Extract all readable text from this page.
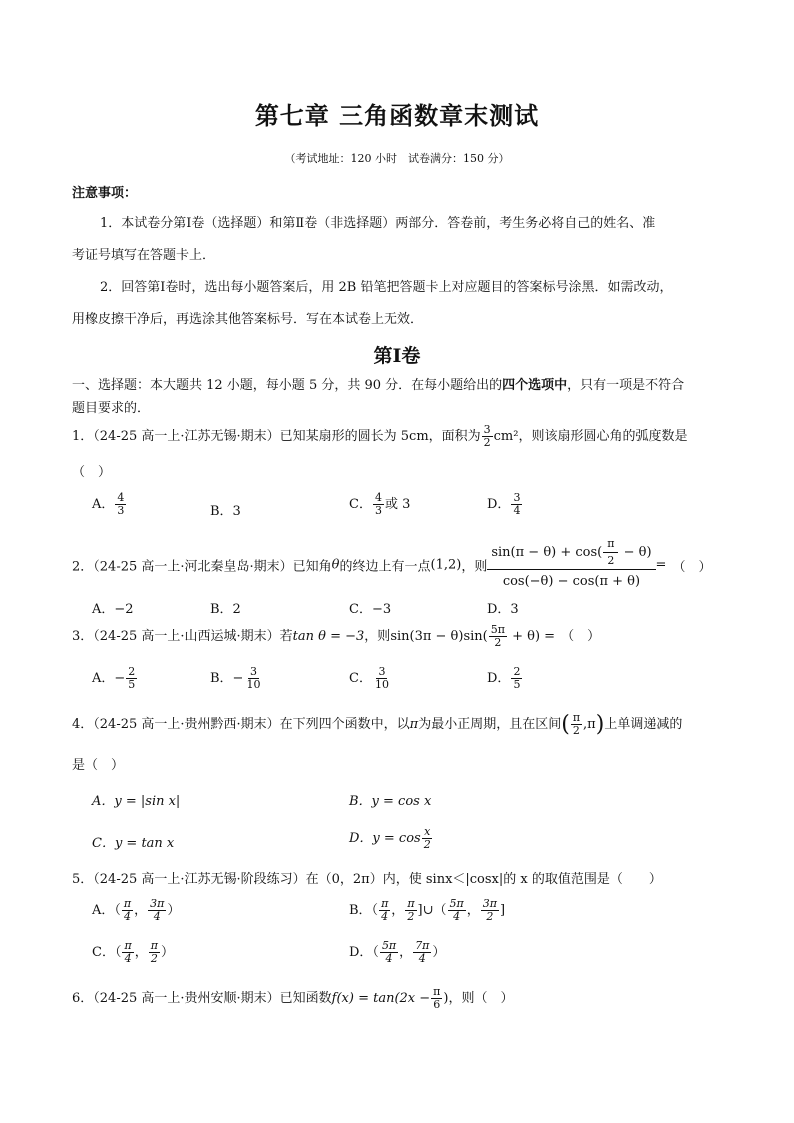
第七章 三角函数章末测试
（考试地址：120 小时　试卷满分：150 分）
注意事项：
1．本试卷分第Ⅰ卷（选择题）和第Ⅱ卷（非选择题）两部分．答卷前，考生务必将自己的姓名、准
考证号填写在答题卡上．
2．回答第Ⅰ卷时，选出每小题答案后，用 2B 铅笔把答题卡上对应题目的答案标号涂黑．如需改动，
用橡皮擦干净后，再选涂其他答案标号．写在本试卷上无效．
第Ⅰ卷
一、选择题：本大题共 12 小题，每小题 5 分，共 90 分．在每小题给出的四个选项中，只有一项是不符合
题目要求的．
1．（24-25 高一上·江苏无锡·期末）已知某扇形的圆长为 5cm，面积为 $\frac{3}{2} cm^2$，则该扇形圆心角的弧度数是
（　）
A． $\frac{4}{3}$	B．3	C． $\frac{4}{3}$ 或 3	D． $\frac{3}{4}$
2．（24-25 高一上·河北秦皇岛·期末）已知角θ的终边上有一点(1,2)，则 $\frac{\sin(\pi - \theta) + \cos( \frac{\pi}{2} - \theta)}{\cos(-\theta) - \cos(\pi + \theta)}$ = （　）
A．−2	B．2	C．−3	D．3
3．（24-25 高一上·山西运城·期末）若tan θ = −3，则$\sin(3\pi - \theta)\sin( \frac{5\pi}{2} + \theta)$ = （　）
A．− $\frac{2}{5}$	B．− $\frac{3}{10}$	C． $\frac{3}{10}$	D． $\frac{2}{5}$
4．（24-25 高一上·贵州黔西·期末）在下列四个函数中，以π为最小正周期，且在区间( $\frac{\pi}{2} ,\pi$)上单调递减的
是（　）
A．y = |sin x|	B．y = cos x
C．y = tan x	D．$y = \cos \frac{x}{2}$
5．（24-25 高一上·江苏无锡·阶段练习）在（0，2π）内，使 sinx＜|cosx|的 x 的取值范围是（　　）
A．（ $\frac{\pi}{4}$ ， $\frac{3\pi}{4}$ ）	B．（ $\frac{\pi}{4}$ ， $\frac{\pi}{2}$ ]∪（ $\frac{5\pi}{4}$ ， $\frac{3\pi}{2}$ ]
C．（ $\frac{\pi}{4}$ ， $\frac{\pi}{2}$ ）	D．（ $\frac{5\pi}{4}$ ， $\frac{7\pi}{4}$ ）
6．（24-25 高一上·贵州安顺·期末）已知函数$f(x) = \tan(2x - \frac{\pi}{6}$ )，则（　）
